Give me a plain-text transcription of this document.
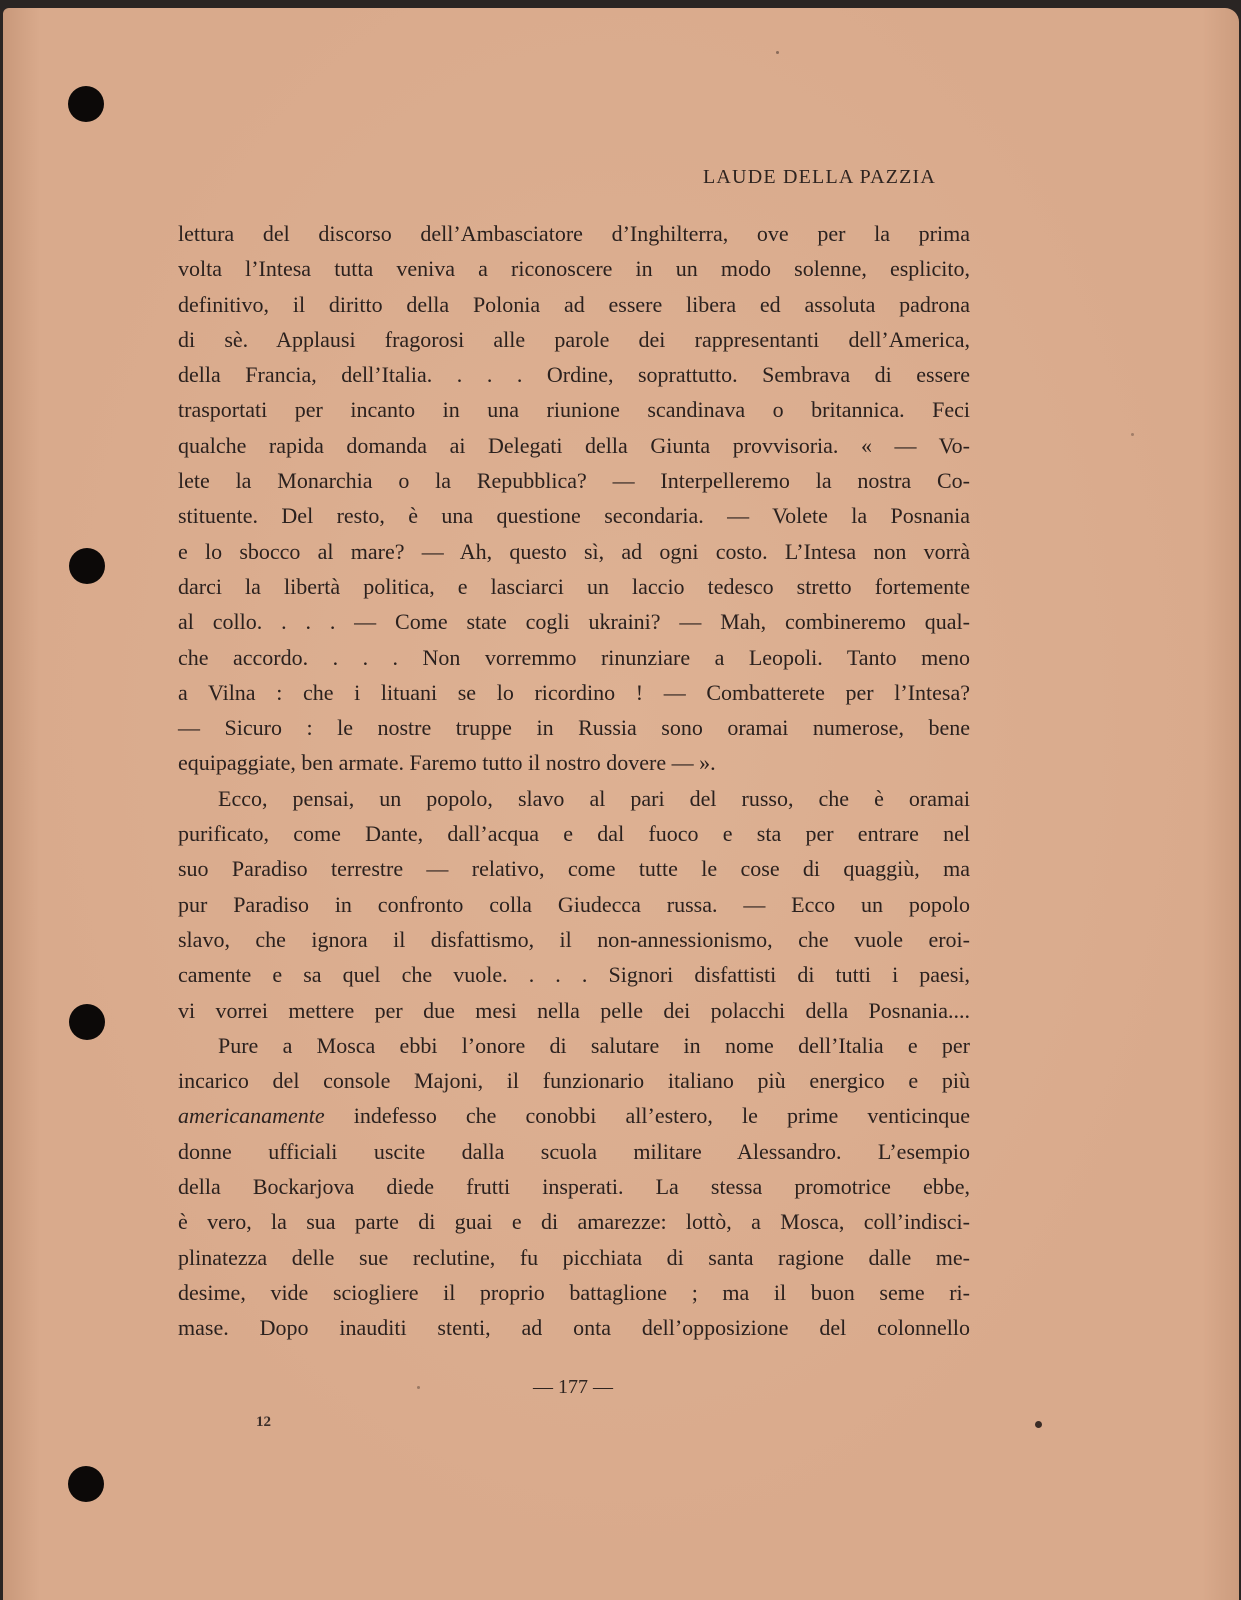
LAUDE DELLA PAZZIA
lettura del discorso dell’Ambasciatore d’Inghilterra, ove per la prima
volta l’Intesa tutta veniva a riconoscere in un modo solenne, esplicito,
definitivo, il diritto della Polonia ad essere libera ed assoluta padrona
di sè. Applausi fragorosi alle parole dei rappresentanti dell’America,
della Francia, dell’Italia. . . . Ordine, soprattutto. Sembrava di essere
trasportati per incanto in una riunione scandinava o britannica. Feci
qualche rapida domanda ai Delegati della Giunta provvisoria. « — Vo-
lete la Monarchia o la Repubblica? — Interpelleremo la nostra Co-
stituente. Del resto, è una questione secondaria. — Volete la Posnania
e lo sbocco al mare? — Ah, questo sì, ad ogni costo. L’Intesa non vorrà
darci la libertà politica, e lasciarci un laccio tedesco stretto fortemente
al collo. . . . — Come state cogli ukraini? — Mah, combineremo qual-
che accordo. . . . Non vorremmo rinunziare a Leopoli. Tanto meno
a Vilna : che i lituani se lo ricordino ! — Combatterete per l’Intesa?
— Sicuro : le nostre truppe in Russia sono oramai numerose, bene
equipaggiate, ben armate. Faremo tutto il nostro dovere — ».
Ecco, pensai, un popolo, slavo al pari del russo, che è oramai
purificato, come Dante, dall’acqua e dal fuoco e sta per entrare nel
suo Paradiso terrestre — relativo, come tutte le cose di quaggiù, ma
pur Paradiso in confronto colla Giudecca russa. — Ecco un popolo
slavo, che ignora il disfattismo, il non-annessionismo, che vuole eroi-
camente e sa quel che vuole. . . . Signori disfattisti di tutti i paesi,
vi vorrei mettere per due mesi nella pelle dei polacchi della Posnania....
Pure a Mosca ebbi l’onore di salutare in nome dell’Italia e per
incarico del console Majoni, il funzionario italiano più energico e più
americanamente indefesso che conobbi all’estero, le prime venticinque
donne ufficiali uscite dalla scuola militare Alessandro. L’esempio
della Bockarjova diede frutti insperati. La stessa promotrice ebbe,
è vero, la sua parte di guai e di amarezze: lottò, a Mosca, coll’indisci-
plinatezza delle sue reclutine, fu picchiata di santa ragione dalle me-
desime, vide sciogliere il proprio battaglione ; ma il buon seme ri-
mase. Dopo inauditi stenti, ad onta dell’opposizione del colonnello
— 177 —
12
